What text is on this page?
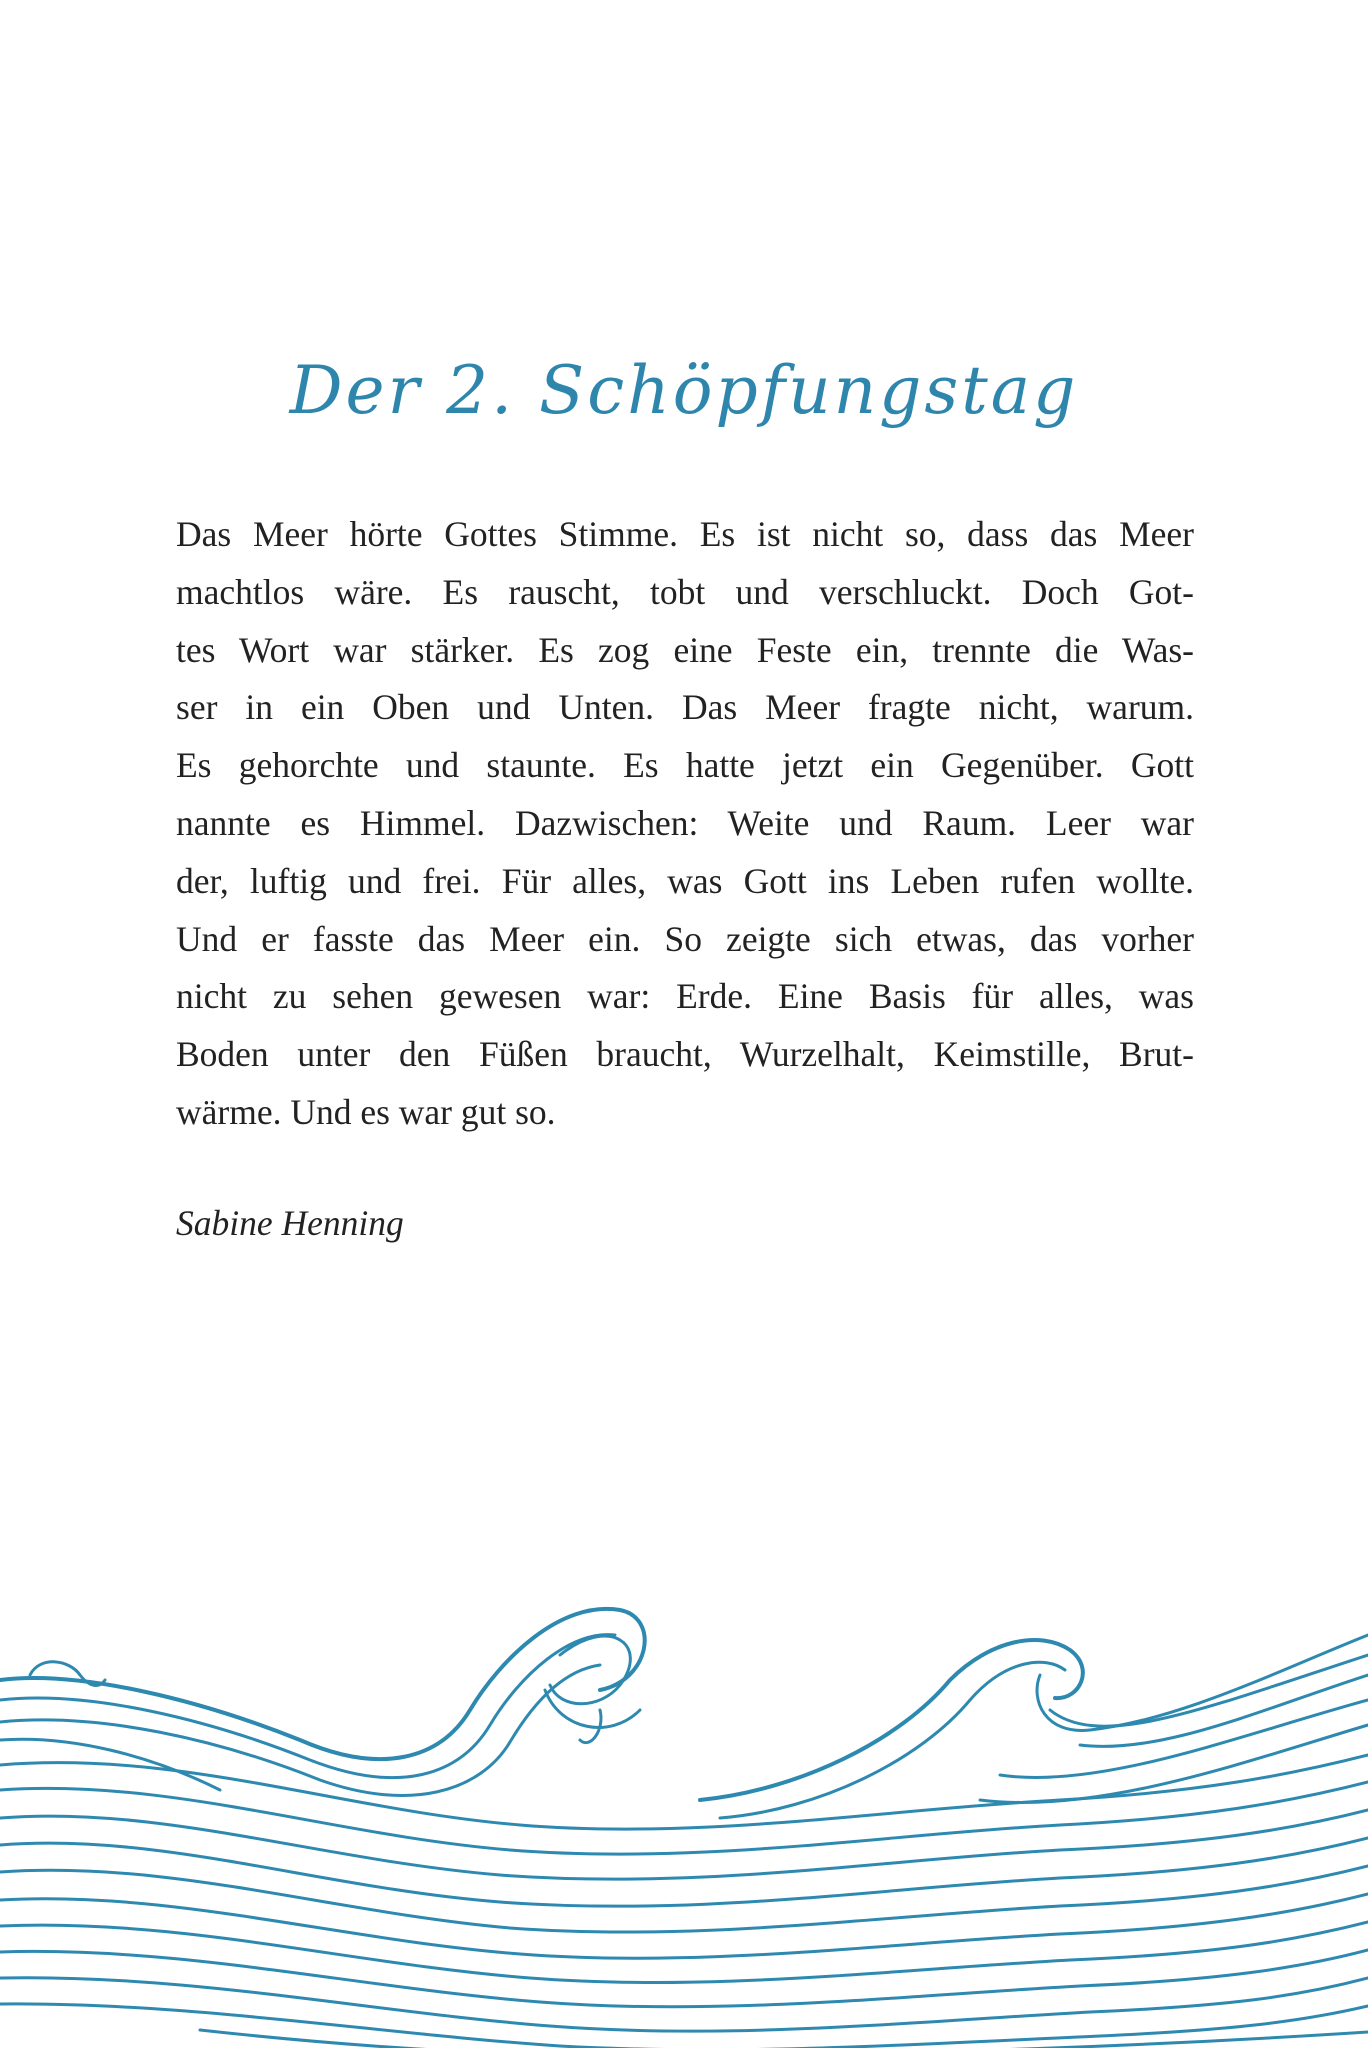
Der 2. Schöpfungstag
Das Meer hörte Gottes Stimme. Es ist nicht so, dass das Meer
machtlos wäre. Es rauscht, tobt und verschluckt. Doch Got-
tes Wort war stärker. Es zog eine Feste ein, trennte die Was-
ser in ein Oben und Unten. Das Meer fragte nicht, warum.
Es gehorchte und staunte. Es hatte jetzt ein Gegenüber. Gott
nannte es Himmel. Dazwischen: Weite und Raum. Leer war
der, luftig und frei. Für alles, was Gott ins Leben rufen wollte.
Und er fasste das Meer ein. So zeigte sich etwas, das vorher
nicht zu sehen gewesen war: Erde. Eine Basis für alles, was
Boden unter den Füßen braucht, Wurzelhalt, Keimstille, Brut-
wärme. Und es war gut so.
Sabine Henning
